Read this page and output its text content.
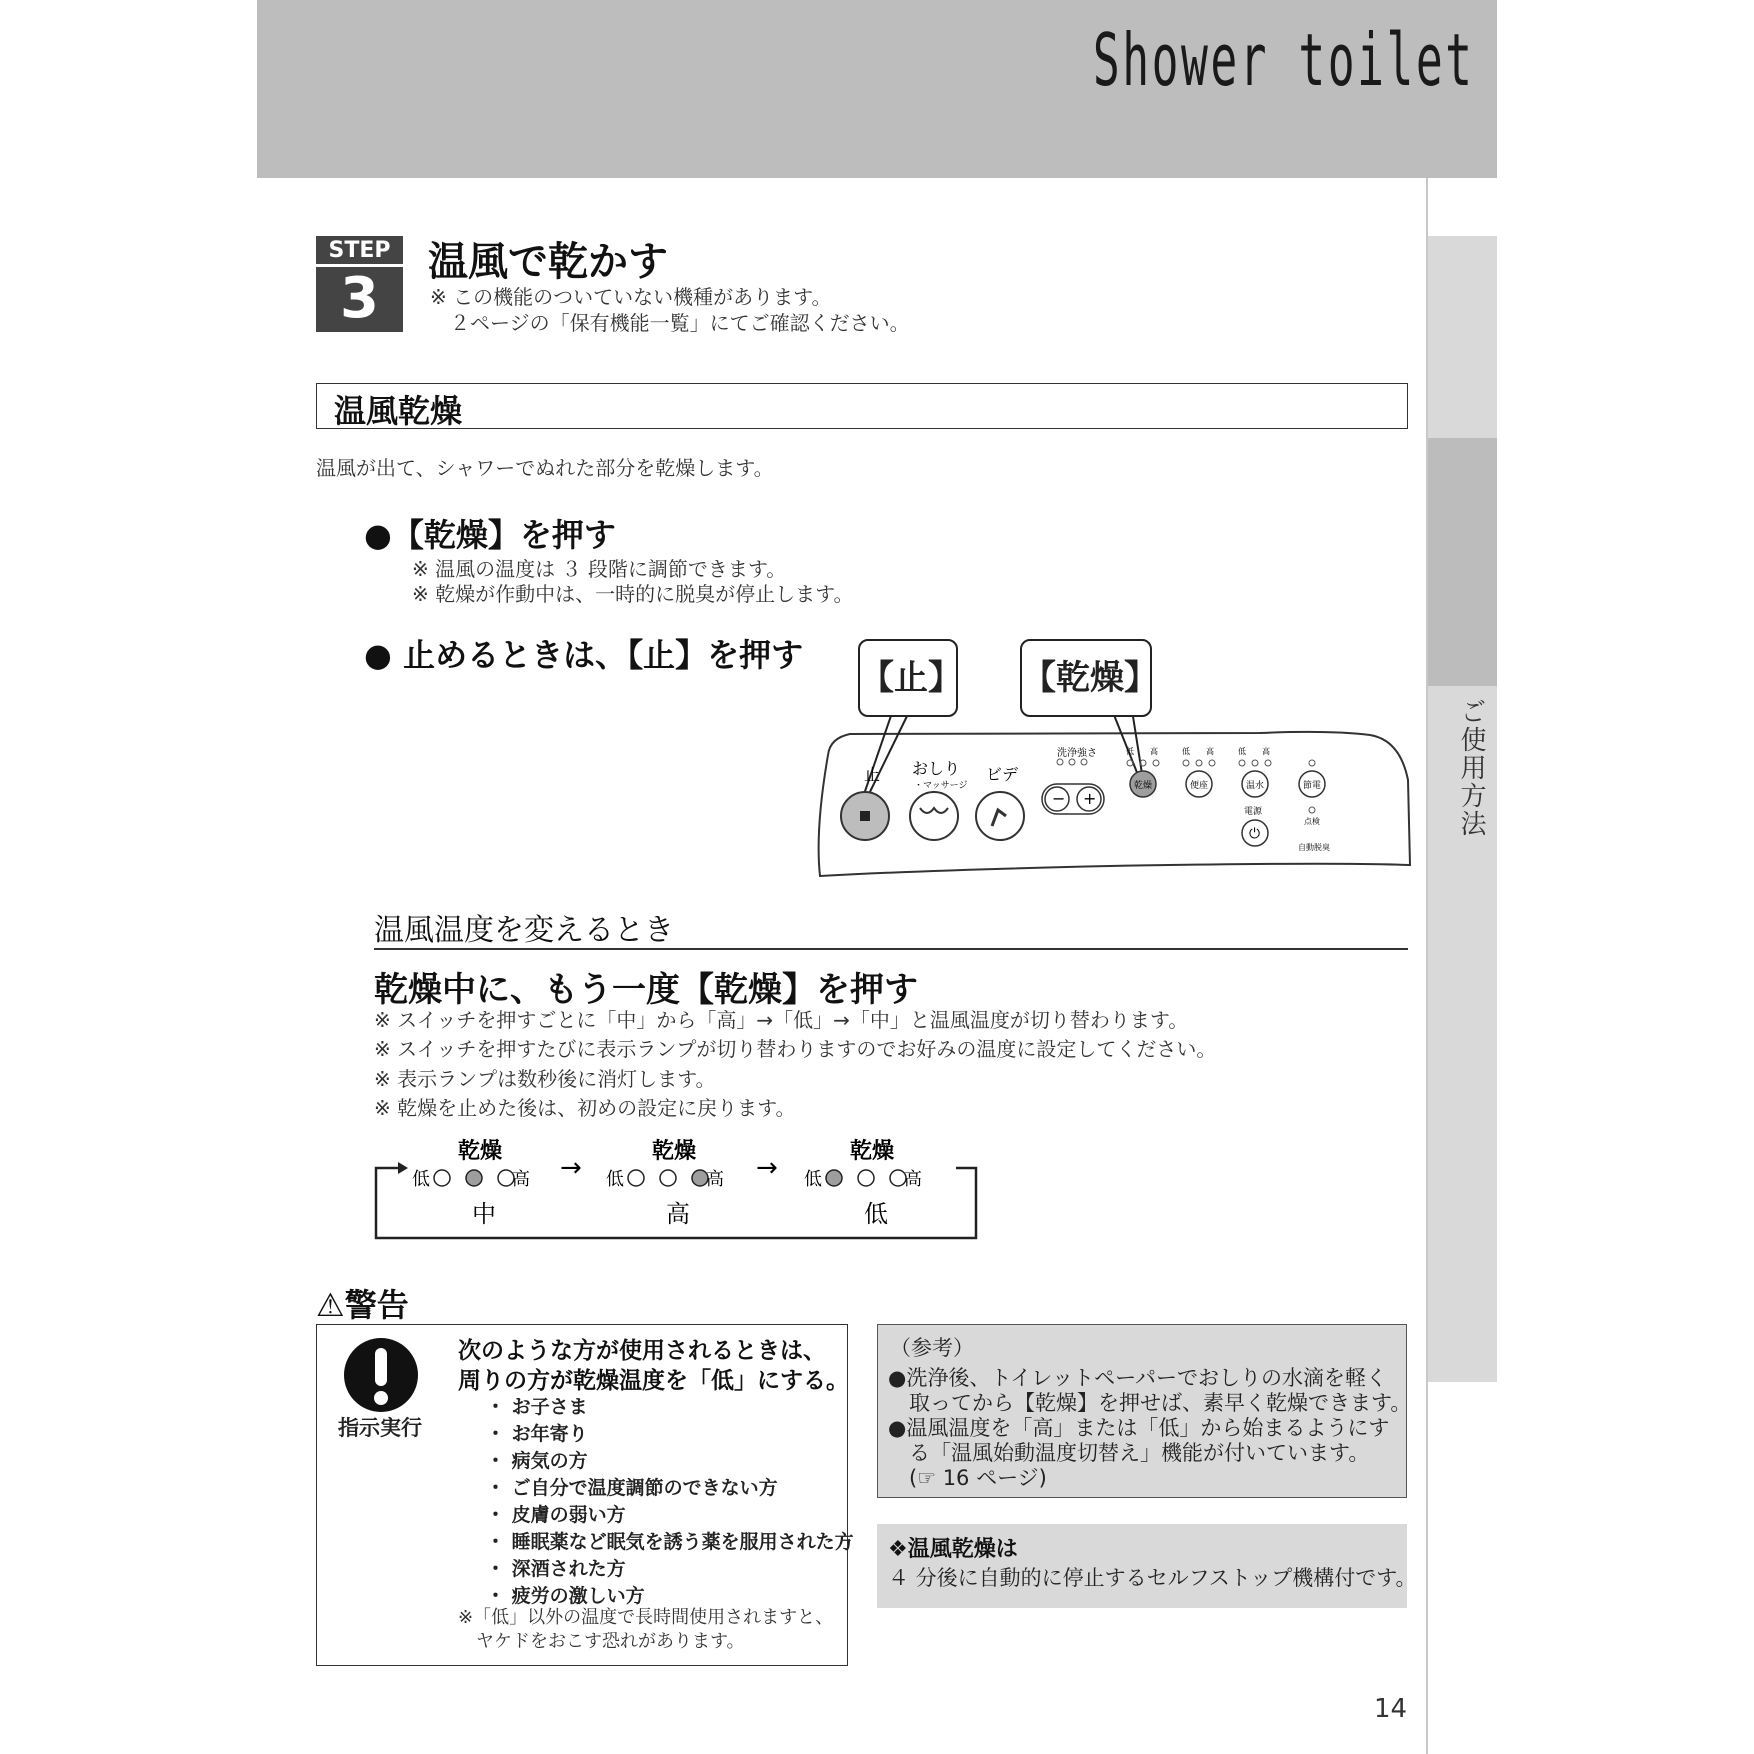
Shower toilet
ご使用方法
STEP
3
温風で乾かす
※ この機能のついていない機種があります。
　２ページの「保有機能一覧」にてご確認ください。
温風乾燥
温風が出て、シャワーでぬれた部分を乾燥します。
●【乾燥】を押す
※ 温風の温度は ３ 段階に調節できます。
※ 乾燥が作動中は、一時的に脱臭が停止します。
● 止めるときは、【止】を押す
止 おしり
・マッサージ
ビデ
洗浄強さ
− +
乾燥
低 高	低 高
便座
低 高
温水	節電
電源
⏻
点検
自動脱臭
【止】 【乾燥】
温風温度を変えるとき
乾燥中に、もう一度【乾燥】を押す
※ スイッチを押すごとに「中」から「高」→「低」→「中」と温風温度が切り替わります。
※ スイッチを押すたびに表示ランプが切り替わりますのでお好みの温度に設定してください。
※ 表示ランプは数秒後に消灯します。
※ 乾燥を止めた後は、初めの設定に戻ります。
乾燥
低	高
中
乾燥
低	高
高
乾燥
低	高
低
→	→
⚠警告
指示実行
次のような方が使用されるときは、
周りの方が乾燥温度を「低」にする。
・ お子さま
・ お年寄り
・ 病気の方
・ ご自分で温度調節のできない方
・ 皮膚の弱い方
・ 睡眠薬など眠気を誘う薬を服用された方
・ 深酒された方
・ 疲労の激しい方
※「低」以外の温度で長時間使用されますと、
　ヤケドをおこす恐れがあります。
（参考）
●洗浄後、トイレットペーパーでおしりの水滴を軽く
　取ってから【乾燥】を押せば、素早く乾燥できます。
●温風温度を「高」または「低」から始まるようにす
　る「温風始動温度切替え」機能が付いています。
　(☞ 16 ページ)
❖温風乾燥は
４ 分後に自動的に停止するセルフストップ機構付です。
14
